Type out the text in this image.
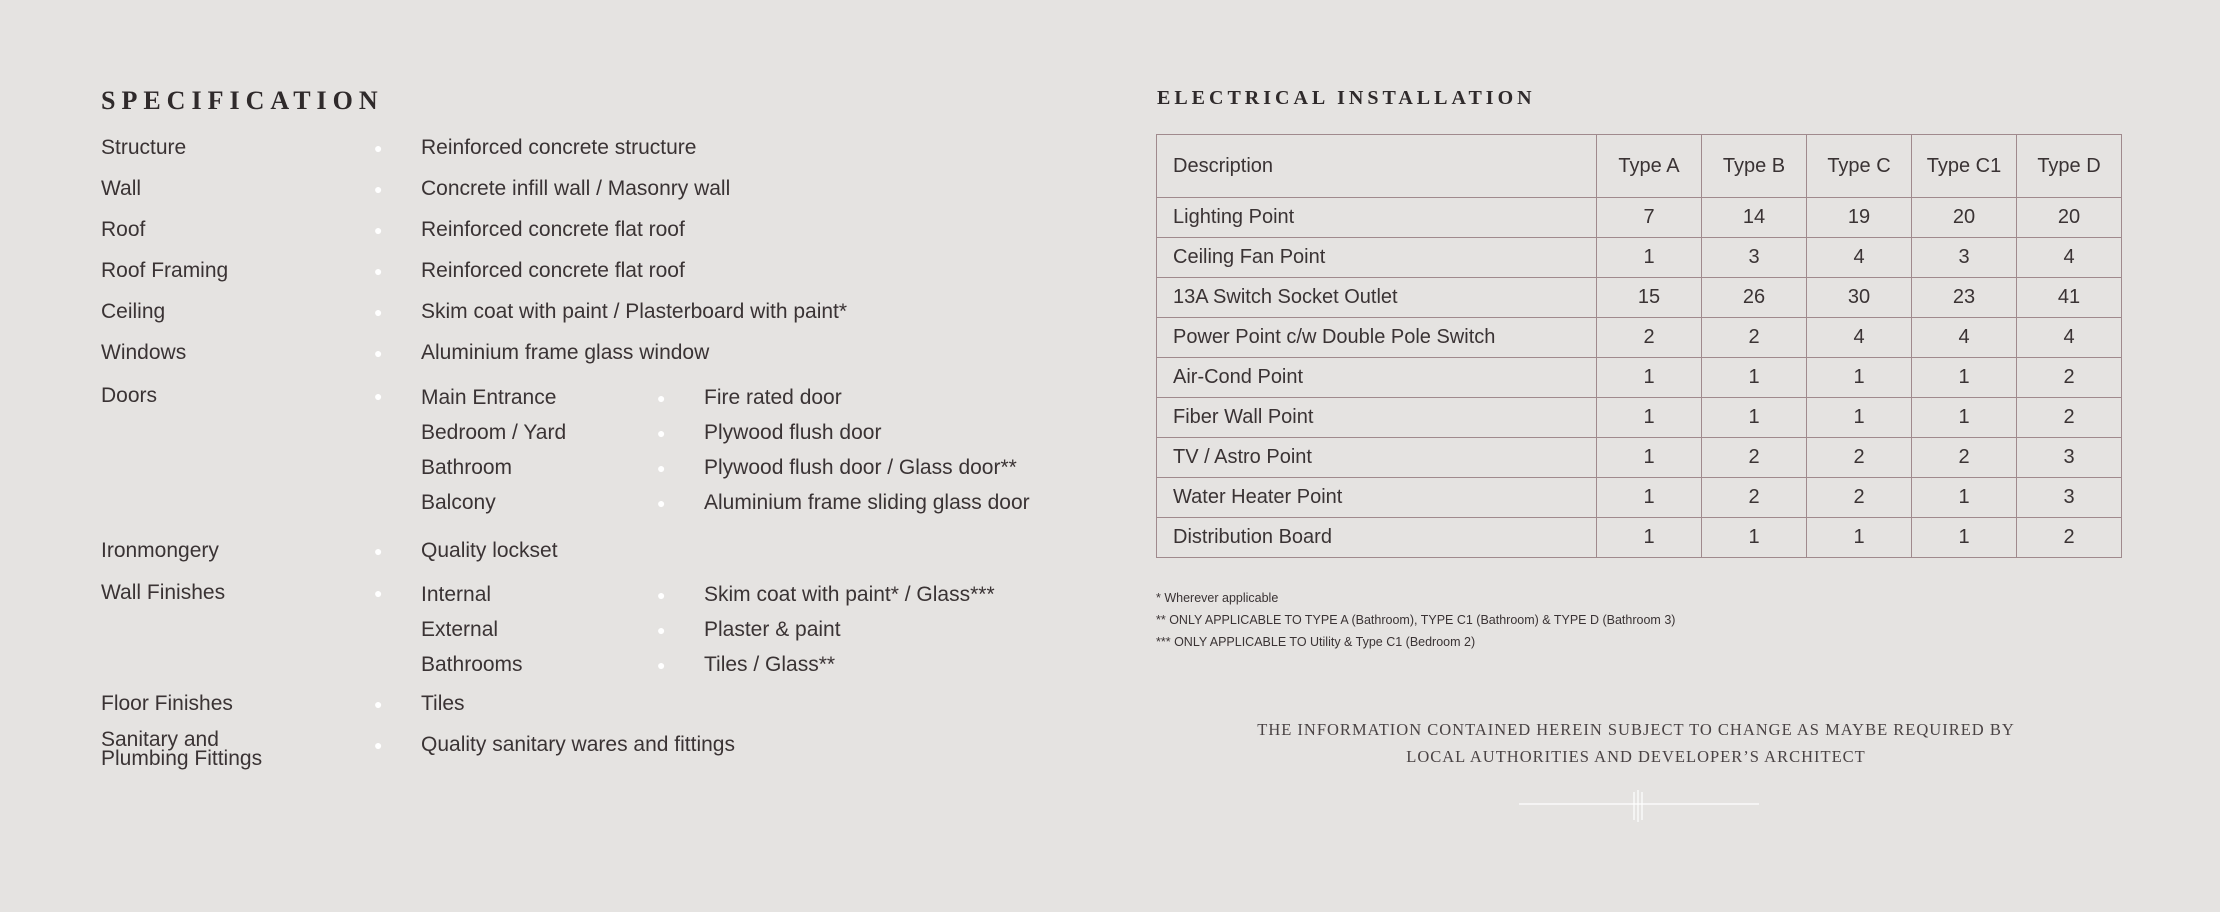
SPECIFICATION
Structure	● Reinforced concrete structure
Wall	● Concrete infill wall / Masonry wall
Roof	● Reinforced concrete flat roof
Roof Framing	● Reinforced concrete flat roof
Ceiling	● Skim coat with paint / Plasterboard with paint*
Windows	● Aluminium frame glass window
Doors	● Main Entrance	● Fire rated door
Bedroom / Yard	● Plywood flush door
Bathroom	● Plywood flush door / Glass door**
Balcony	● Aluminium frame sliding glass door
Ironmongery	● Quality lockset
Wall Finishes	● Internal	● Skim coat with paint* / Glass***
External	● Plaster & paint
Bathrooms	● Tiles / Glass**
Floor Finishes	● Tiles
Sanitary and
Plumbing Fittings
● Quality sanitary wares and fittings
ELECTRICAL INSTALLATION
Description	Type A	Type B	Type C	Type C1	Type D
Lighting Point	7	14	19	20	20
Ceiling Fan Point	1	3	4	3	4
13A Switch Socket Outlet	15	26	30	23	41
Power Point c/w Double Pole Switch	2	2	4	4	4
Air-Cond Point	1	1	1	1	2
Fiber Wall Point	1	1	1	1	2
TV / Astro Point	1	2	2	2	3
Water Heater Point	1	2	2	1	3
Distribution Board	1	1	1	1	2
* Wherever applicable
** ONLY APPLICABLE TO TYPE A (Bathroom), TYPE C1 (Bathroom) & TYPE D (Bathroom 3)
*** ONLY APPLICABLE TO Utility & Type C1 (Bedroom 2)
THE INFORMATION CONTAINED HEREIN SUBJECT TO CHANGE AS MAYBE REQUIRED BY
LOCAL AUTHORITIES AND DEVELOPER’S ARCHITECT
